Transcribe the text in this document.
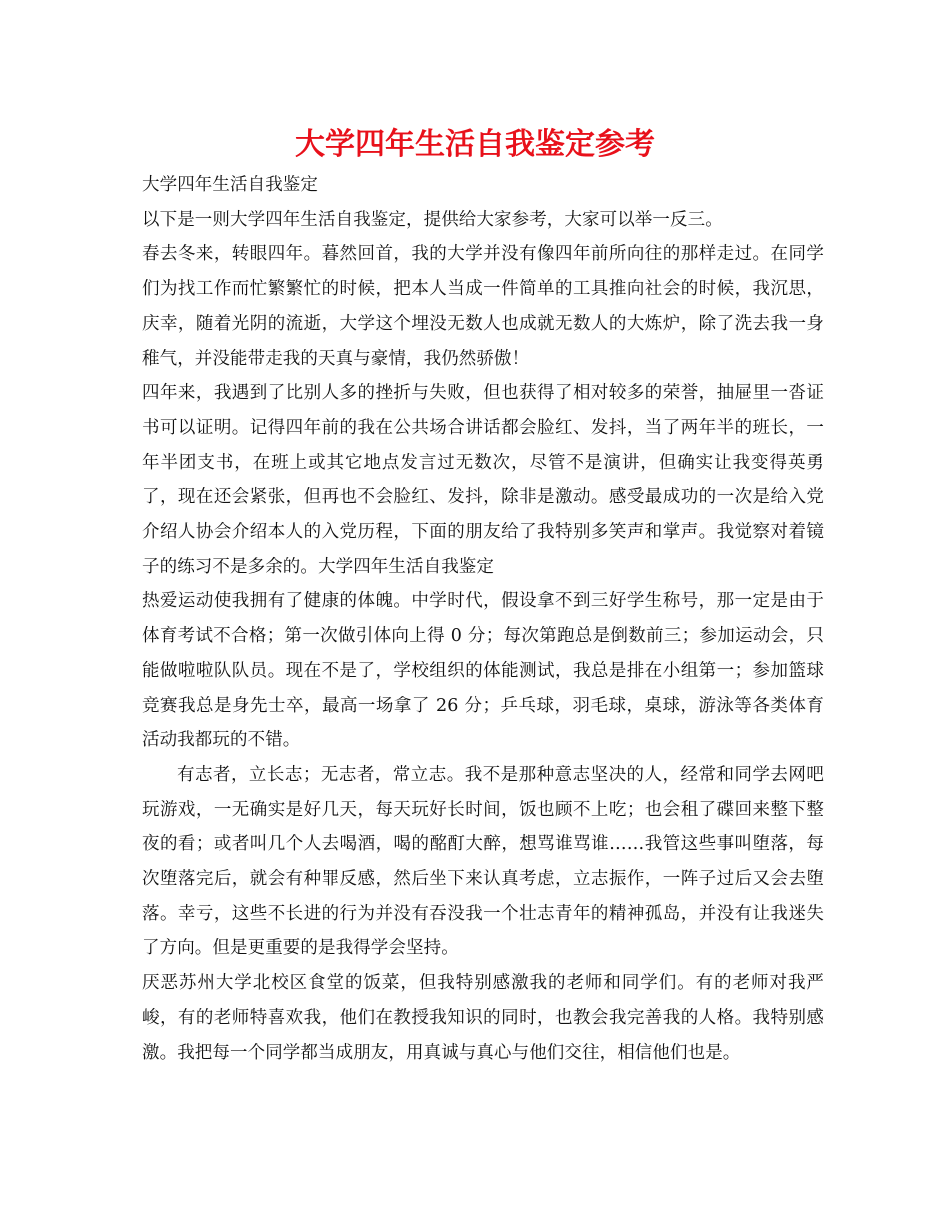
大学四年生活自我鉴定参考

大学四年生活自我鉴定

以下是一则大学四年生活自我鉴定，提供给大家参考，大家可以举一反三。

春去冬来，转眼四年。暮然回首，我的大学并没有像四年前所向往的那样走过。在同学们为找工作而忙繁繁忙的时候，把本人当成一件简单的工具推向社会的时候，我沉思，庆幸，随着光阴的流逝，大学这个埋没无数人也成就无数人的大炼炉，除了洗去我一身稚气，并没能带走我的天真与豪情，我仍然骄傲！

四年来，我遇到了比别人多的挫折与失败，但也获得了相对较多的荣誉，抽屉里一沓证书可以证明。记得四年前的我在公共场合讲话都会脸红、发抖，当了两年半的班长，一年半团支书，在班上或其它地点发言过无数次，尽管不是演讲，但确实让我变得英勇了，现在还会紧张，但再也不会脸红、发抖，除非是激动。感受最成功的一次是给入党介绍人协会介绍本人的入党历程，下面的朋友给了我特别多笑声和掌声。我觉察对着镜子的练习不是多余的。大学四年生活自我鉴定

热爱运动使我拥有了健康的体魄。中学时代，假设拿不到三好学生称号，那一定是由于体育考试不合格；第一次做引体向上得 0 分；每次第跑总是倒数前三；参加运动会，只能做啦啦队队员。现在不是了，学校组织的体能测试，我总是排在小组第一；参加篮球竞赛我总是身先士卒，最高一场拿了 26 分；乒乓球，羽毛球，桌球，游泳等各类体育活动我都玩的不错。

有志者，立长志；无志者，常立志。我不是那种意志坚决的人，经常和同学去网吧玩游戏，一无确实是好几天，每天玩好长时间，饭也顾不上吃；也会租了碟回来整下整夜的看；或者叫几个人去喝酒，喝的酩酊大醉，想骂谁骂谁……我管这些事叫堕落，每次堕落完后，就会有种罪反感，然后坐下来认真考虑，立志振作，一阵子过后又会去堕落。幸亏，这些不长进的行为并没有吞没我一个壮志青年的精神孤岛，并没有让我迷失了方向。但是更重要的是我得学会坚持。

厌恶苏州大学北校区食堂的饭菜，但我特别感激我的老师和同学们。有的老师对我严峻，有的老师特喜欢我，他们在教授我知识的同时，也教会我完善我的人格。我特别感激。我把每一个同学都当成朋友，用真诚与真心与他们交往，相信他们也是。
